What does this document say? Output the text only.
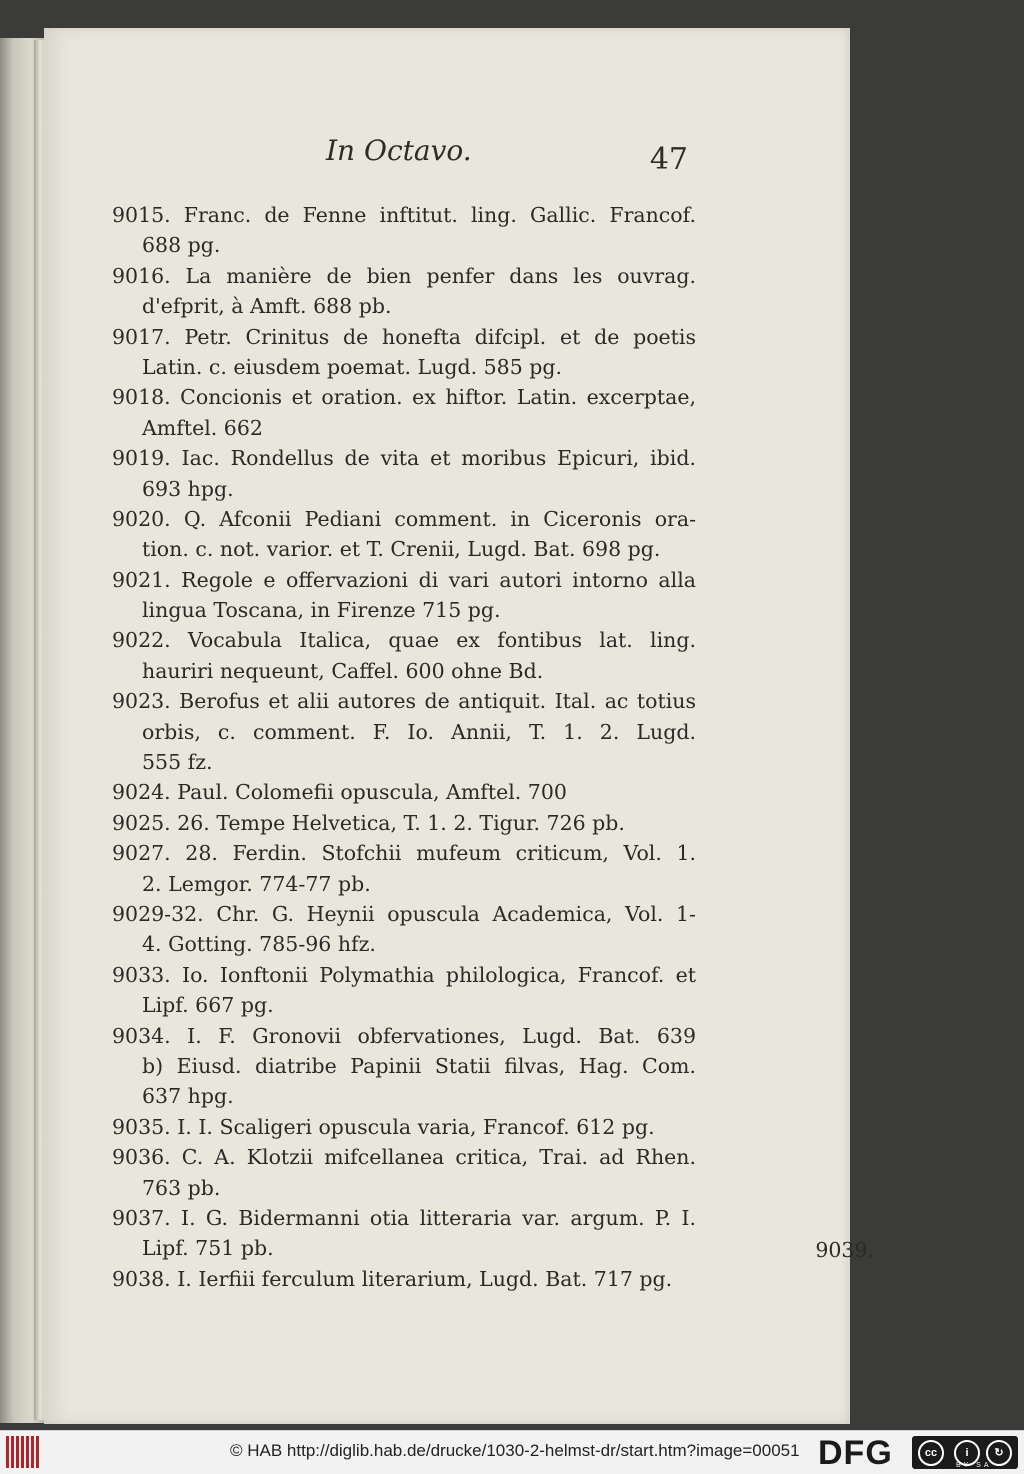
In Octavo.	47
9015. Franc. de Fenne inftitut. ling. Gallic. Francof.
688 pg.
9016. La manière de bien penfer dans les ouvrag.
d'efprit, à Amft. 688 pb.
9017. Petr. Crinitus de honefta difcipl. et de poetis
Latin. c. eiusdem poemat. Lugd. 585 pg.
9018. Concionis et oration. ex hiftor. Latin. excerptae,
Amftel. 662
9019. Iac. Rondellus de vita et moribus Epicuri, ibid.
693 hpg.
9020. Q. Afconii Pediani comment. in Ciceronis ora-
tion. c. not. varior. et T. Crenii, Lugd. Bat. 698 pg.
9021. Regole e offervazioni di vari autori intorno alla
lingua Toscana, in Firenze 715 pg.
9022. Vocabula Italica, quae ex fontibus lat. ling.
hauriri nequeunt, Caffel. 600 ohne Bd.
9023. Berofus et alii autores de antiquit. Ital. ac totius
orbis, c. comment. F. Io. Annii, T. 1. 2. Lugd.
555 fz.
9024. Paul. Colomefii opuscula, Amftel. 700
9025. 26. Tempe Helvetica, T. 1. 2. Tigur. 726 pb.
9027. 28. Ferdin. Stofchii mufeum criticum, Vol. 1.
2. Lemgor. 774-77 pb.
9029-32. Chr. G. Heynii opuscula Academica, Vol. 1-
4. Gotting. 785-96 hfz.
9033. Io. Ionftonii Polymathia philologica, Francof. et
Lipf. 667 pg.
9034. I. F. Gronovii obfervationes, Lugd. Bat. 639
b) Eiusd. diatribe Papinii Statii filvas, Hag. Com.
637 hpg.
9035. I. I. Scaligeri opuscula varia, Francof. 612 pg.
9036. C. A. Klotzii mifcellanea critica, Trai. ad Rhen.
763 pb.
9037. I. G. Bidermanni otia litteraria var. argum. P. I.
Lipf. 751 pb.
9038. I. Ierfiii ferculum literarium, Lugd. Bat. 717 pg.
9039.
© HAB http://diglib.hab.de/drucke/1030-2-helmst-dr/start.htm?image=00051 DFG	cc	i	↻
BY SA
